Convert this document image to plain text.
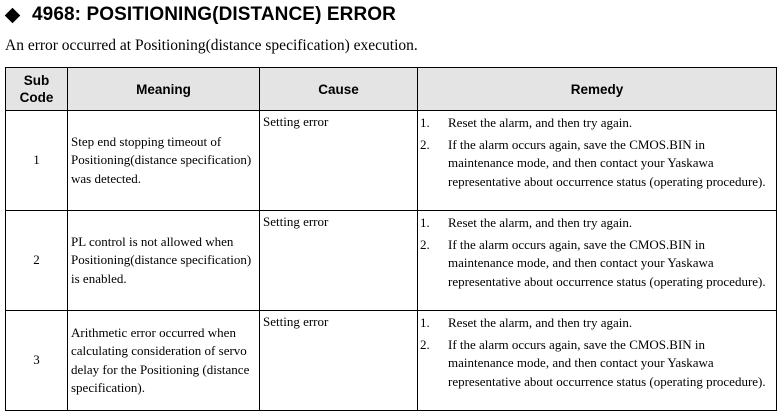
4968: POSITIONING(DISTANCE) ERROR
An error occurred at Positioning(distance specification) execution.
Sub Code	Meaning	Cause	Remedy
1	Step end stopping timeout of Positioning(distance specification) was detected.	Setting error	1. Reset the alarm, and then try again.
2. If the alarm occurs again, save the CMOS.BIN in maintenance mode, and then contact your Yaskawa representative about occurrence status (operating procedure).

2	PL control is not allowed when Positioning(distance specification) is enabled.	Setting error	1. Reset the alarm, and then try again.
2. If the alarm occurs again, save the CMOS.BIN in maintenance mode, and then contact your Yaskawa representative about occurrence status (operating procedure).

3	Arithmetic error occurred when calculating consideration of servo delay for the Positioning (distance specification).	Setting error	1. Reset the alarm, and then try again.
2. If the alarm occurs again, save the CMOS.BIN in maintenance mode, and then contact your Yaskawa representative about occurrence status (operating procedure).
